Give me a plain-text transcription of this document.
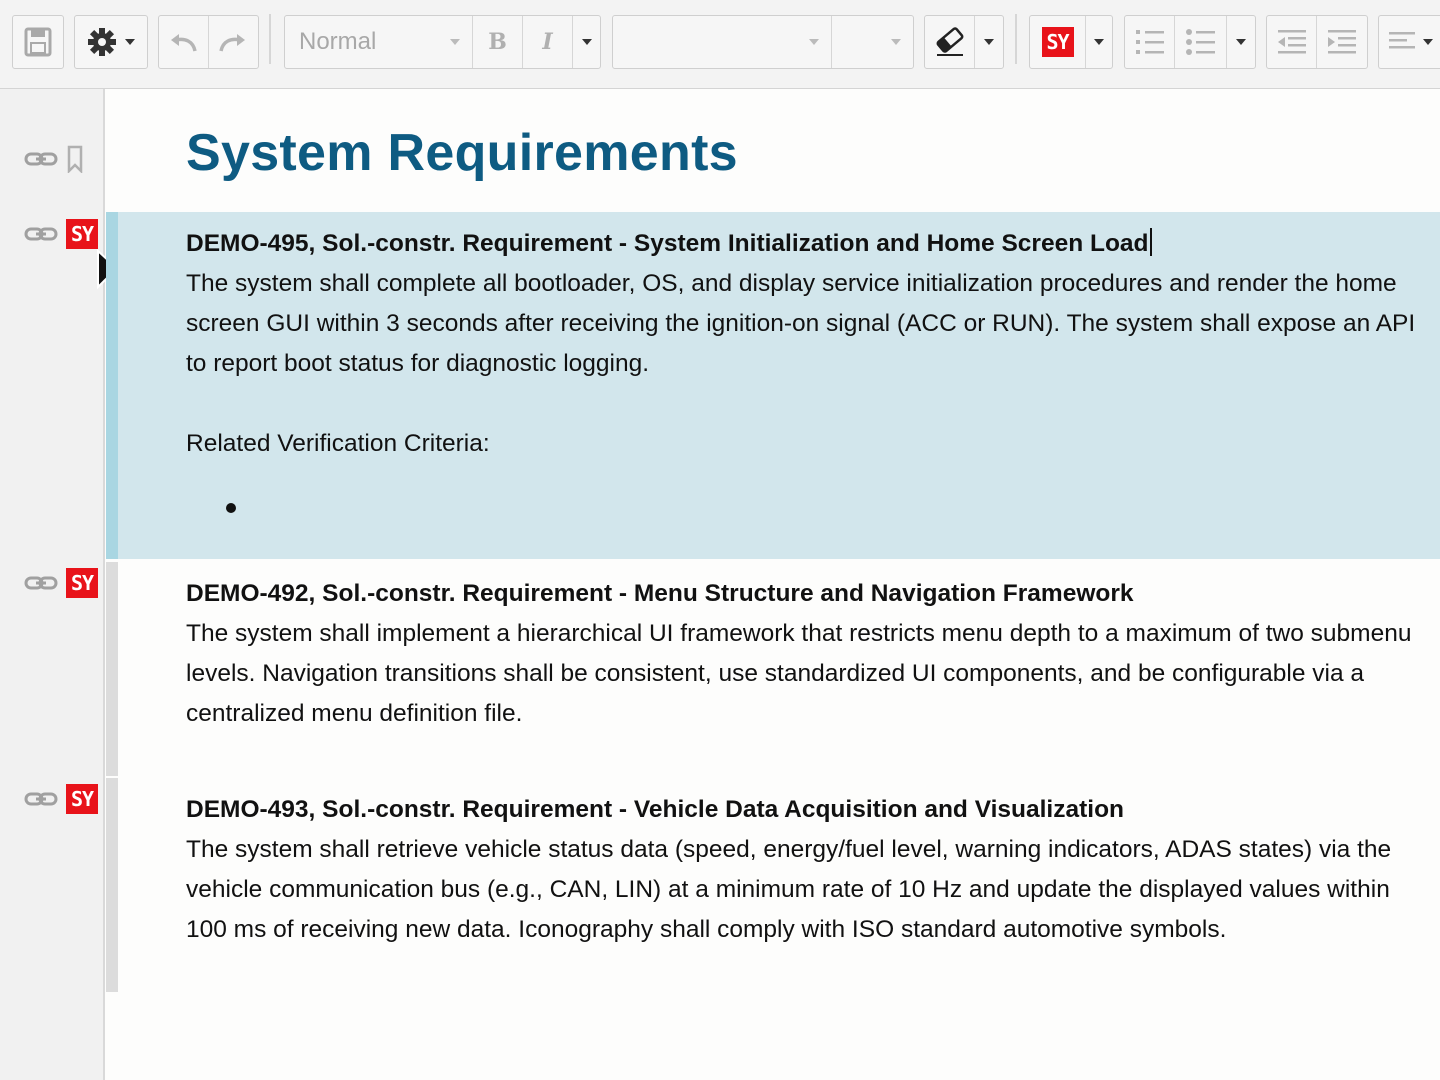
Normal	B I	SY
SY
SY
SY
System Requirements
DEMO-495, Sol.-constr. Requirement - System Initialization and Home Screen Load

The system shall complete all bootloader, OS, and display service initialization procedures and render the home screen GUI within 3 seconds after receiving the ignition-on signal (ACC or RUN). The system shall expose an API to report boot status for diagnostic logging.

Related Verification Criteria:

DEMO-492, Sol.-constr. Requirement - Menu Structure and Navigation Framework

The system shall implement a hierarchical UI framework that restricts menu depth to a maximum of two submenu levels. Navigation transitions shall be consistent, use standardized UI components, and be configurable via a centralized menu definition file.

DEMO-493, Sol.-constr. Requirement - Vehicle Data Acquisition and Visualization

The system shall retrieve vehicle status data (speed, energy/fuel level, warning indicators, ADAS states) via the vehicle communication bus (e.g., CAN, LIN) at a minimum rate of 10 Hz and update the displayed values within 100 ms of receiving new data. Iconography shall comply with ISO standard automotive symbols.
